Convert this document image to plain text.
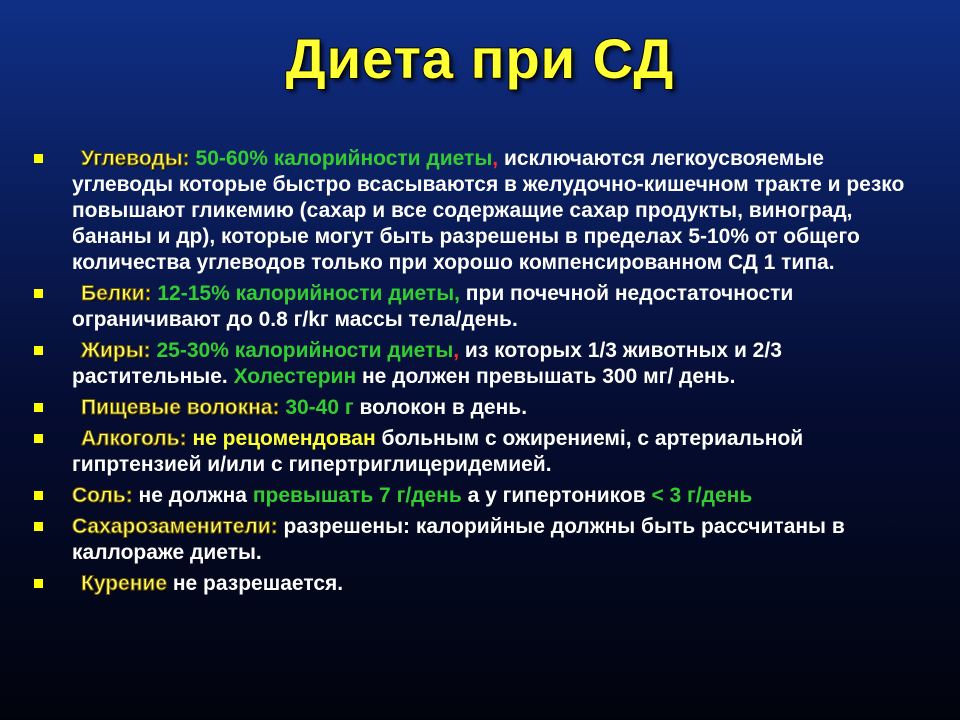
Диета при СД
Углеводы: 50-60% калорийности диеты, исключаются легкоусвояемые углеводы которые быстро всасываются в желудочно-кишечном тракте и резко повышают гликемию (сахар и все содержащие сахар продукты, виноград, бананы и др), которые могут быть разрешены в пределах 5-10% от общего количества углеводов только при хорошо компенсированном СД 1 типа.
Белки: 12-15% калорийности диеты, при почечной недостаточности ограничивают до 0.8 г/kг массы тела/день.
Жиры: 25-30% калорийности диеты, из которых 1/3 животных и 2/3 растительные. Холестерин не должен превышать 300 мг/ день.
Пищевые волокна: 30-40 г волокон в день.
Алкоголь: не рецомендован больным с ожирениемі, с артериальной гипртензией и/или с гипертриглицеридемией.
Соль: не должна превышать 7 г/день а у гипертоников < 3 г/день
Сахарозаменители: разрешены: калорийные должны быть рассчитаны в каллораже диеты.
Курение не разрешается.
